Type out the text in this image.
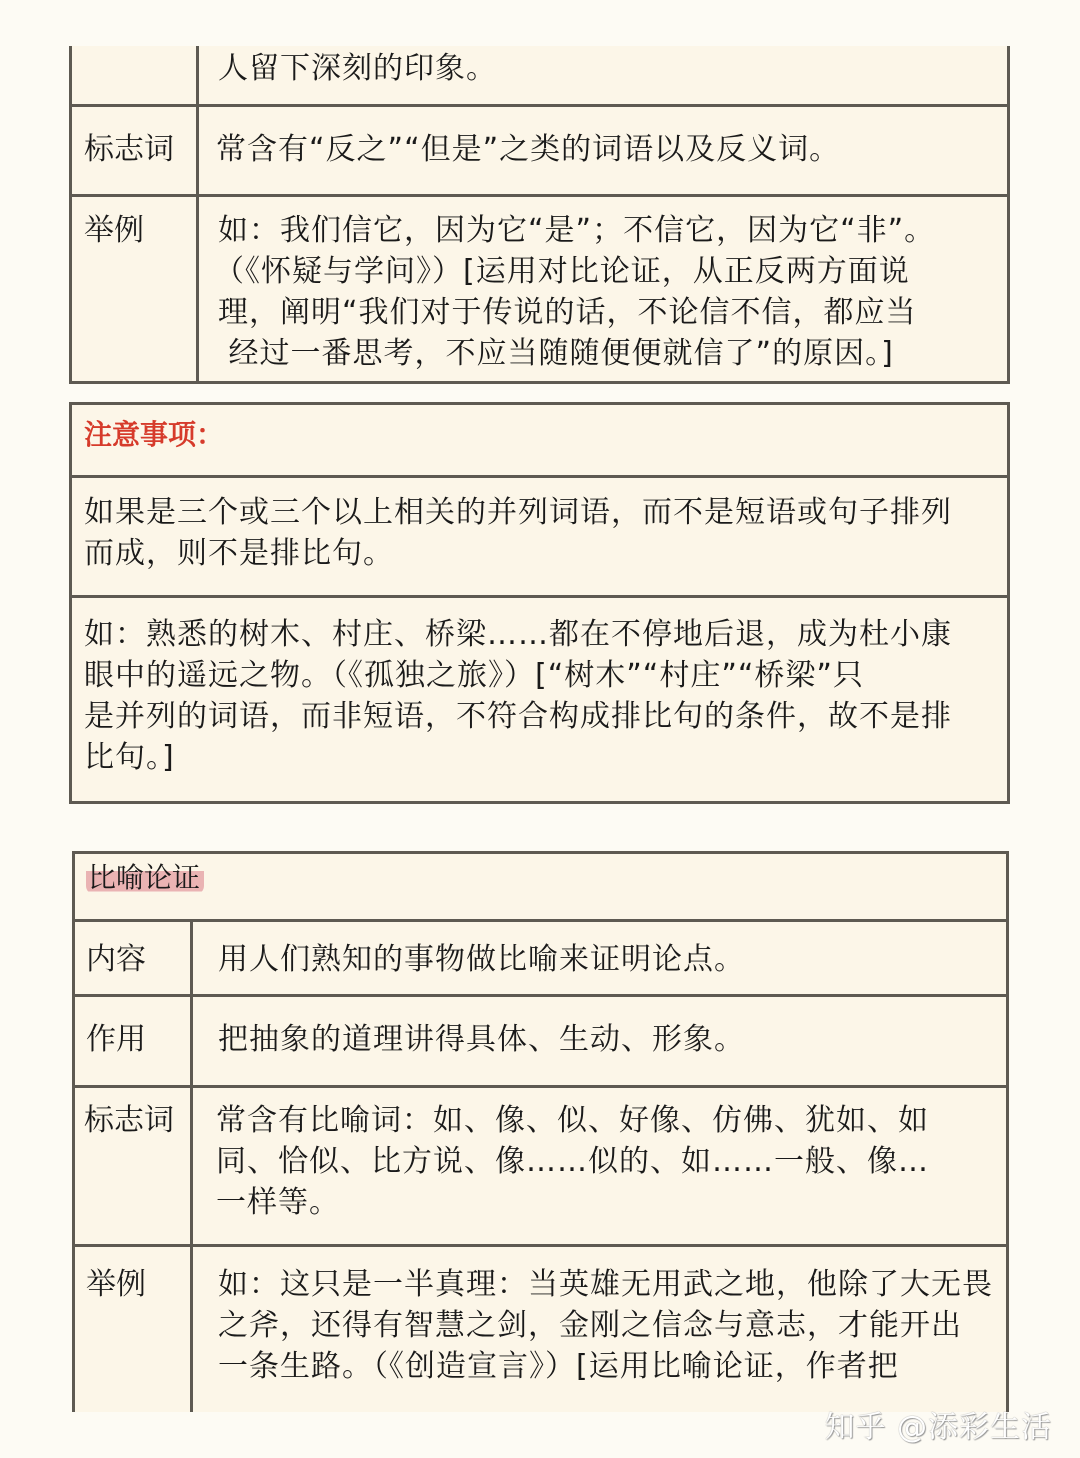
人留下深刻的印象。
标志词 常含有“反之”“但是”之类的词语以及反义词。
举例 如：我们信它，因为它“是”；不信它，因为它“非”。
（《怀疑与学问》）[运用对比论证，从正反两方面说
理，阐明“我们对于传说的话，不论信不信，都应当
经过一番思考，不应当随随便便就信了”的原因。]
注意事项：
如果是三个或三个以上相关的并列词语，而不是短语或句子排列
而成，则不是排比句。
如：熟悉的树木、村庄、桥梁……都在不停地后退，成为杜小康
眼中的遥远之物。（《孤独之旅》）[“树木”“村庄”“桥梁”只
是并列的词语，而非短语，不符合构成排比句的条件，故不是排
比句。]
比喻论证
内容 用人们熟知的事物做比喻来证明论点。
作用 把抽象的道理讲得具体、生动、形象。
标志词 常含有比喻词：如、像、似、好像、仿佛、犹如、如
同、恰似、比方说、像……似的、如……一般、像…
一样等。
举例 如：这只是一半真理：当英雄无用武之地，他除了大无畏
之斧，还得有智慧之剑，金刚之信念与意志，才能开出
一条生路。（《创造宣言》）[运用比喻论证，作者把
知乎 @添彩生活
